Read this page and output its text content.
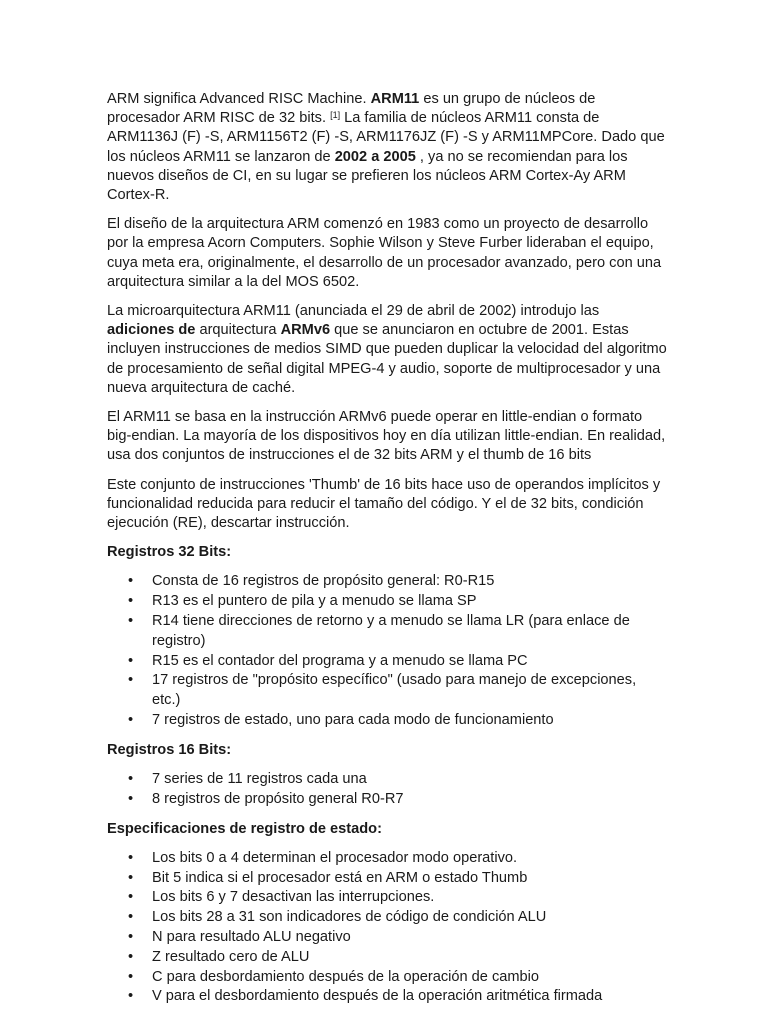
ARM significa Advanced RISC Machine. ARM11 es un grupo de núcleos de procesador ARM RISC de 32 bits. [1] La familia de núcleos ARM11 consta de ARM1136J (F) -S, ARM1156T2 (F) -S, ARM1176JZ (F) -S y ARM11MPCore. Dado que los núcleos ARM11 se lanzaron de 2002 a 2005 , ya no se recomiendan para los nuevos diseños de CI, en su lugar se prefieren los núcleos ARM Cortex-Ay ARM Cortex-R.

El diseño de la arquitectura ARM comenzó en 1983 como un proyecto de desarrollo por la empresa Acorn Computers. Sophie Wilson y Steve Furber lideraban el equipo, cuya meta era, originalmente, el desarrollo de un procesador avanzado, pero con una arquitectura similar a la del MOS 6502.

La microarquitectura ARM11 (anunciada el 29 de abril de 2002) introdujo las adiciones de arquitectura ARMv6 que se anunciaron en octubre de 2001. Estas incluyen instrucciones de medios SIMD que pueden duplicar la velocidad del algoritmo de procesamiento de señal digital MPEG-4 y audio, soporte de multiprocesador y una nueva arquitectura de caché.

El ARM11 se basa en la instrucción ARMv6 puede operar en little-endian o formato big-endian. La mayoría de los dispositivos hoy en día utilizan little-endian. En realidad, usa dos conjuntos de instrucciones el de 32 bits ARM y el thumb de 16 bits

Este conjunto de instrucciones 'Thumb' de 16 bits hace uso de operandos implícitos y funcionalidad reducida para reducir el tamaño del código. Y el de 32 bits, condición ejecución (RE), descartar instrucción.

Registros 32 Bits:
• Consta de 16 registros de propósito general: R0-R15
• R13 es el puntero de pila y a menudo se llama SP
• R14 tiene direcciones de retorno y a menudo se llama LR (para enlace de registro)
• R15 es el contador del programa y a menudo se llama PC
• 17 registros de "propósito específico" (usado para manejo de excepciones, etc.)
• 7 registros de estado, uno para cada modo de funcionamiento
Registros 16 Bits:
• 7 series de 11 registros cada una
• 8 registros de propósito general R0-R7
Especificaciones de registro de estado:
• Los bits 0 a 4 determinan el procesador modo operativo.
• Bit 5 indica si el procesador está en ARM o estado Thumb
• Los bits 6 y 7 desactivan las interrupciones.
• Los bits 28 a 31 son indicadores de código de condición ALU
• N para resultado ALU negativo
• Z resultado cero de ALU
• C para desbordamiento después de la operación de cambio
• V para el desbordamiento después de la operación aritmética firmada
